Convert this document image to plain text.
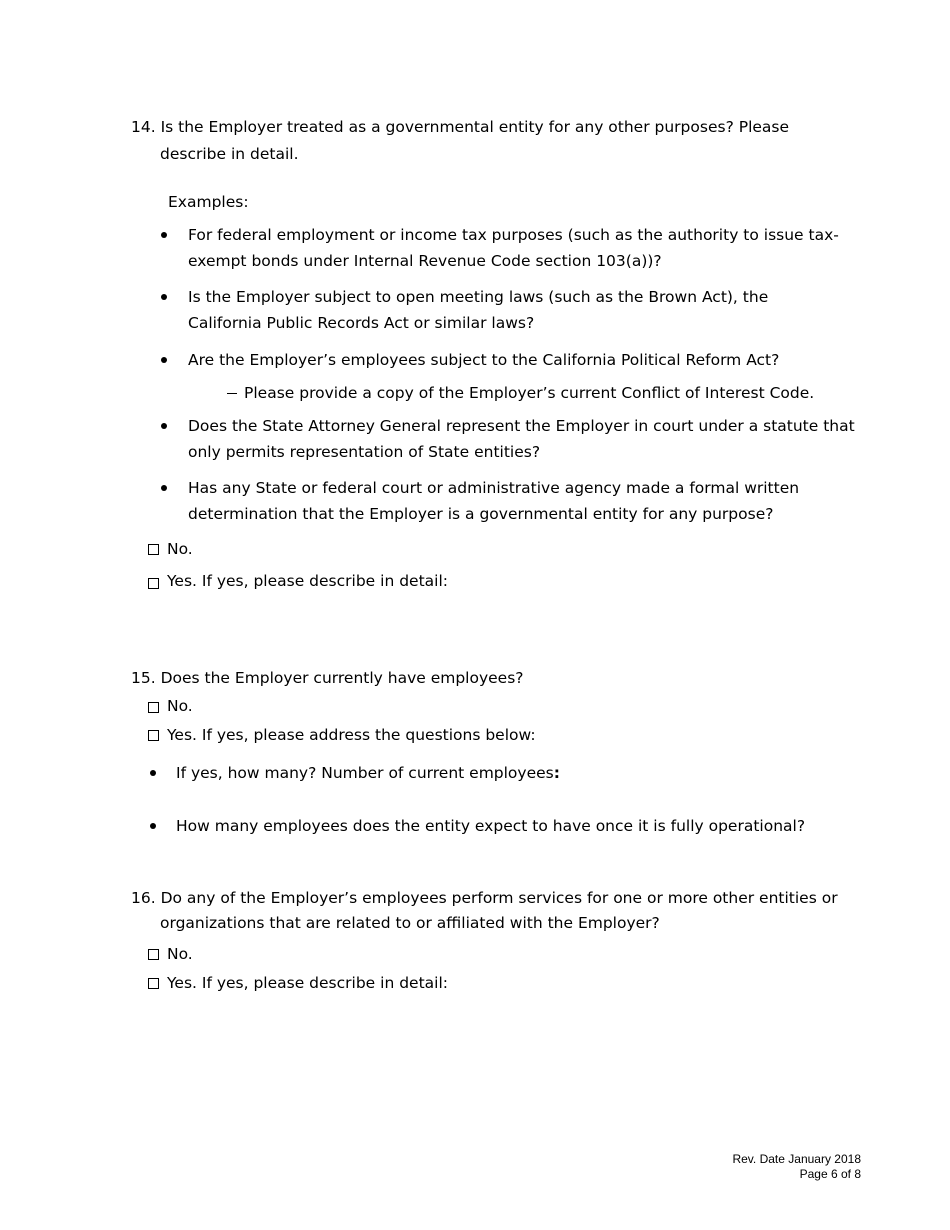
14. Is the Employer treated as a governmental entity for any other purposes? Please
describe in detail.
Examples:
For federal employment or income tax purposes (such as the authority to issue tax-
exempt bonds under Internal Revenue Code section 103(a))?
Is the Employer subject to open meeting laws (such as the Brown Act), the
California Public Records Act or similar laws?
Are the Employer’s employees subject to the California Political Reform Act?
Please provide a copy of the Employer’s current Conflict of Interest Code.
Does the State Attorney General represent the Employer in court under a statute that
only permits representation of State entities?
Has any State or federal court or administrative agency made a formal written
determination that the Employer is a governmental entity for any purpose?
No.
Yes. If yes, please describe in detail:
15. Does the Employer currently have employees?
No.
Yes. If yes, please address the questions below:
If yes, how many? Number of current employees:
How many employees does the entity expect to have once it is fully operational?
16. Do any of the Employer’s employees perform services for one or more other entities or
organizations that are related to or affiliated with the Employer?
No.
Yes. If yes, please describe in detail:
Rev. Date January 2018
Page 6 of 8
